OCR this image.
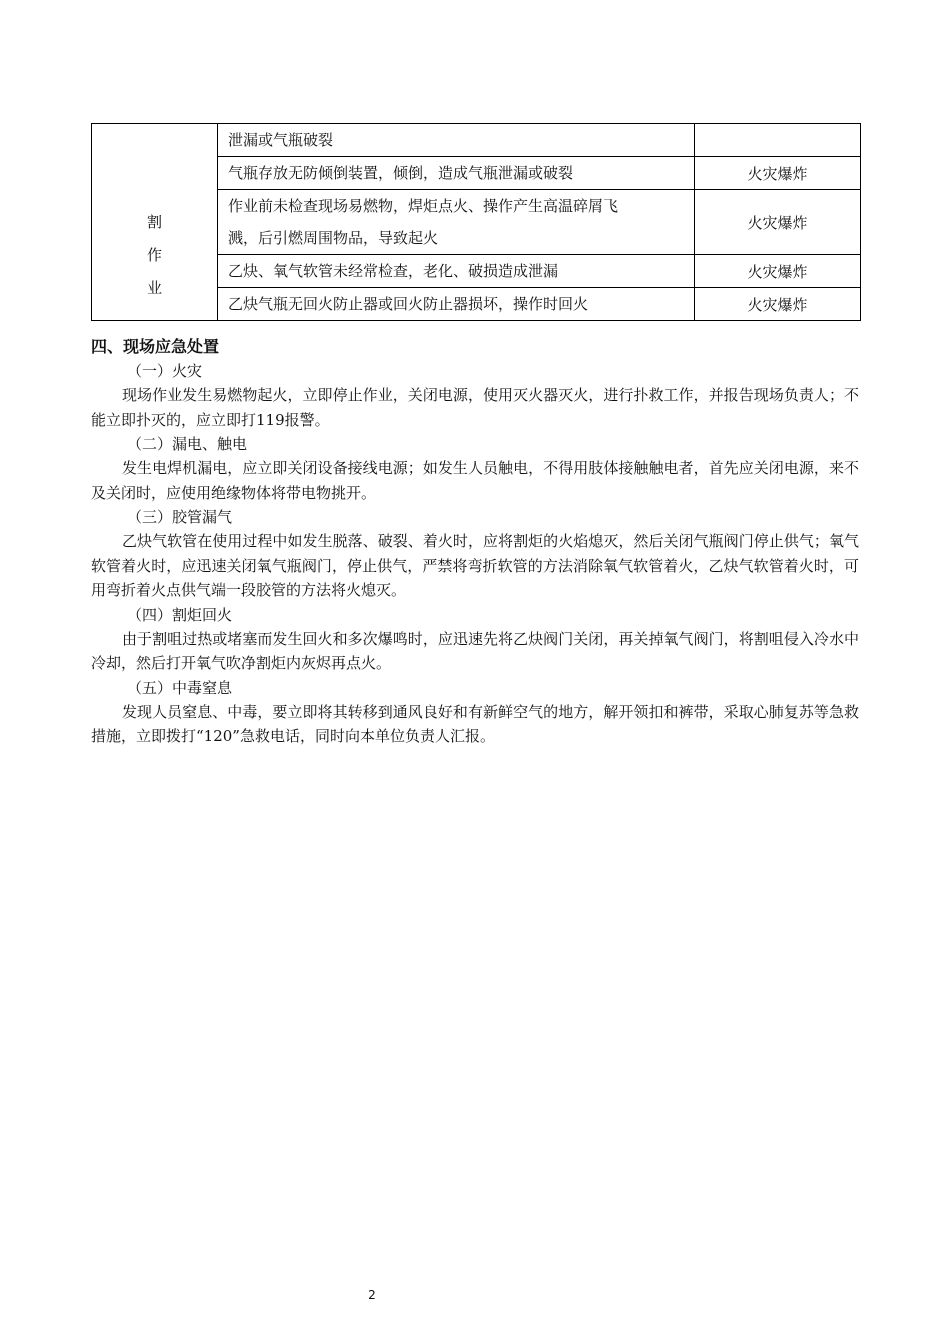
割
作
业	泄漏或气瓶破裂	
	气瓶存放无防倾倒装置，倾倒，造成气瓶泄漏或破裂	火灾爆炸

	作业前未检查现场易燃物，焊炬点火、操作产生高温碎屑飞
溅，后引燃周围物品，导致起火	火灾爆炸
	乙炔、氧气软管未经常检查，老化、破损造成泄漏	火灾爆炸
	乙炔气瓶无回火防止器或回火防止器损坏，操作时回火	火灾爆炸
四、现场应急处置

（一）火灾

现场作业发生易燃物起火，立即停止作业，关闭电源，使用灭火器灭火，进行扑救工作，并报告现场负责人；不能立即扑灭的，应立即打119报警。

（二）漏电、触电

发生电焊机漏电，应立即关闭设备接线电源；如发生人员触电，不得用肢体接触触电者，首先应关闭电源，来不及关闭时，应使用绝缘物体将带电物挑开。

（三）胶管漏气

乙炔气软管在使用过程中如发生脱落、破裂、着火时，应将割炬的火焰熄灭，然后关闭气瓶阀门停止供气；氧气软管着火时，应迅速关闭氧气瓶阀门，停止供气，严禁将弯折软管的方法消除氧气软管着火，乙炔气软管着火时，可用弯折着火点供气端一段胶管的方法将火熄灭。

（四）割炬回火

由于割咀过热或堵塞而发生回火和多次爆鸣时，应迅速先将乙炔阀门关闭，再关掉氧气阀门，将割咀侵入冷水中冷却，然后打开氧气吹净割炬内灰烬再点火。

（五）中毒窒息

发现人员窒息、中毒，要立即将其转移到通风良好和有新鲜空气的地方，解开领扣和裤带，采取心肺复苏等急救措施，立即拨打“120”急救电话，同时向本单位负责人汇报。

2
